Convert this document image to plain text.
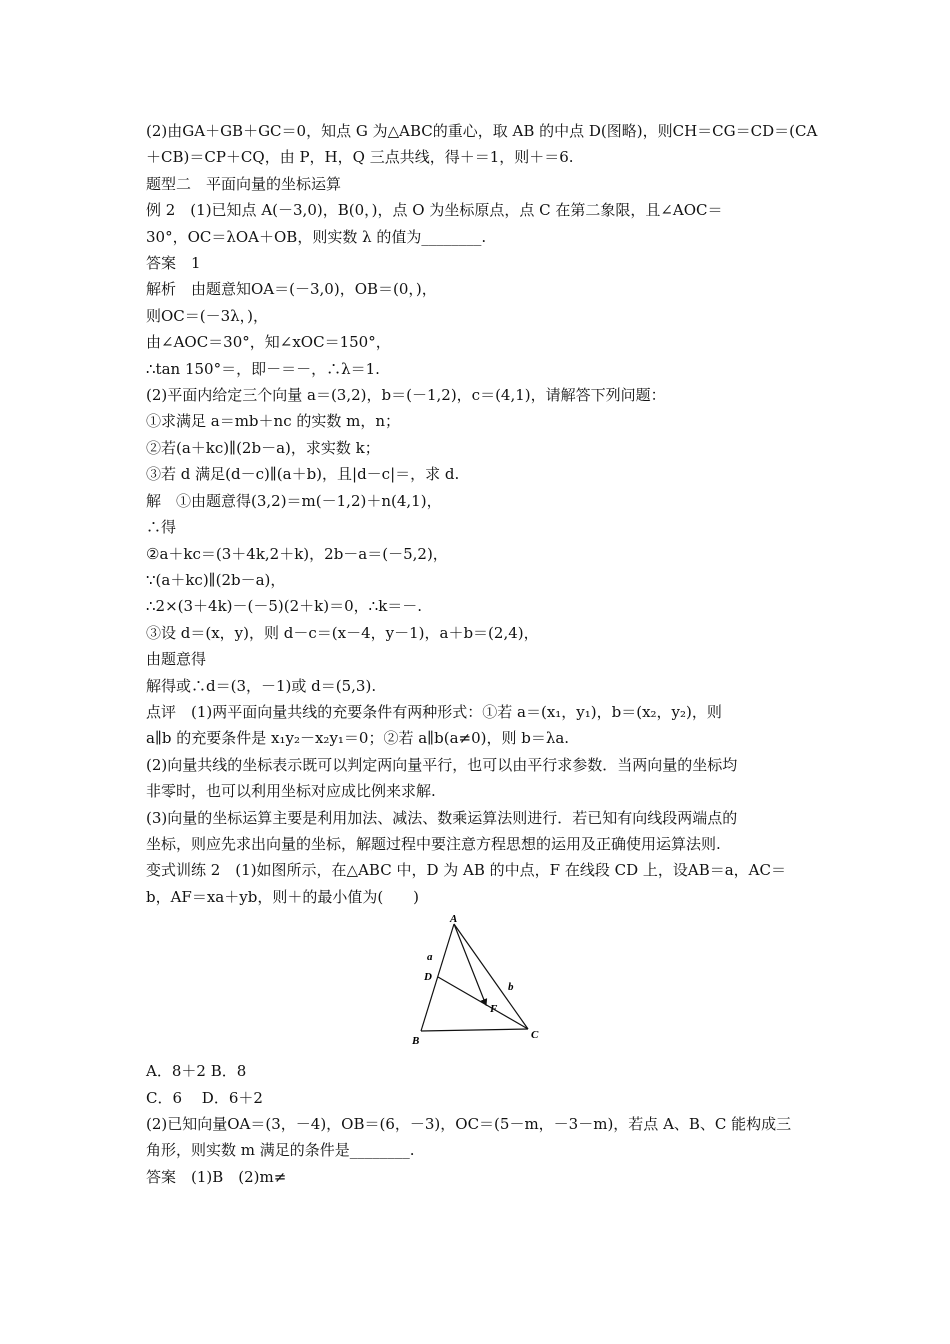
(2)由GA＋GB＋GC＝0，知点 G 为△ABC的重心，取 AB 的中点 D(图略)，则CH＝CG＝CD＝(CA

＋CB)＝CP＋CQ，由 P，H，Q 三点共线，得＋＝1，则＋＝6.

题型二　平面向量的坐标运算

例 2　(1)已知点 A(－3,0)，B(0，)，点 O 为坐标原点，点 C 在第二象限，且∠AOC＝

30°，OC＝λOA＋OB，则实数 λ 的值为________.

答案　1

解析　由题意知OA＝(－3,0)，OB＝(0，)，

则OC＝(－3λ，)，

由∠AOC＝30°，知∠xOC＝150°，

∴tan 150°＝，即－＝－，∴λ＝1.

(2)平面内给定三个向量 a＝(3,2)，b＝(－1,2)，c＝(4,1)，请解答下列问题：

①求满足 a＝mb＋nc 的实数 m，n；

②若(a＋kc)∥(2b－a)，求实数 k；

③若 d 满足(d－c)∥(a＋b)，且|d－c|＝，求 d.

解　①由题意得(3,2)＝m(－1,2)＋n(4,1)，

∴得

②a＋kc＝(3＋4k,2＋k)，2b－a＝(－5,2)，

∵(a＋kc)∥(2b－a)，

∴2×(3＋4k)－(－5)(2＋k)＝0，∴k＝－.

③设 d＝(x，y)，则 d－c＝(x－4，y－1)，a＋b＝(2,4)，

由题意得

解得或∴d＝(3，－1)或 d＝(5,3).

点评　(1)两平面向量共线的充要条件有两种形式：①若 a＝(x₁，y₁)，b＝(x₂，y₂)，则

a∥b 的充要条件是 x₁y₂－x₂y₁＝0；②若 a∥b(a≠0)，则 b＝λa.

(2)向量共线的坐标表示既可以判定两向量平行，也可以由平行求参数．当两向量的坐标均

非零时，也可以利用坐标对应成比例来求解.

(3)向量的坐标运算主要是利用加法、减法、数乘运算法则进行．若已知有向线段两端点的

坐标，则应先求出向量的坐标，解题过程中要注意方程思想的运用及正确使用运算法则.

变式训练 2　(1)如图所示，在△ABC 中，D 为 AB 的中点，F 在线段 CD 上，设AB＝a，AC＝

b，AF＝xa＋yb，则＋的最小值为(　　)

A
B	C
D
F
a
b

A．8＋2 B．8

C．6　 D．6＋2

(2)已知向量OA＝(3，－4)，OB＝(6，－3)，OC＝(5－m，－3－m)，若点 A、B、C 能构成三

角形，则实数 m 满足的条件是________.

答案　(1)B　(2)m≠
